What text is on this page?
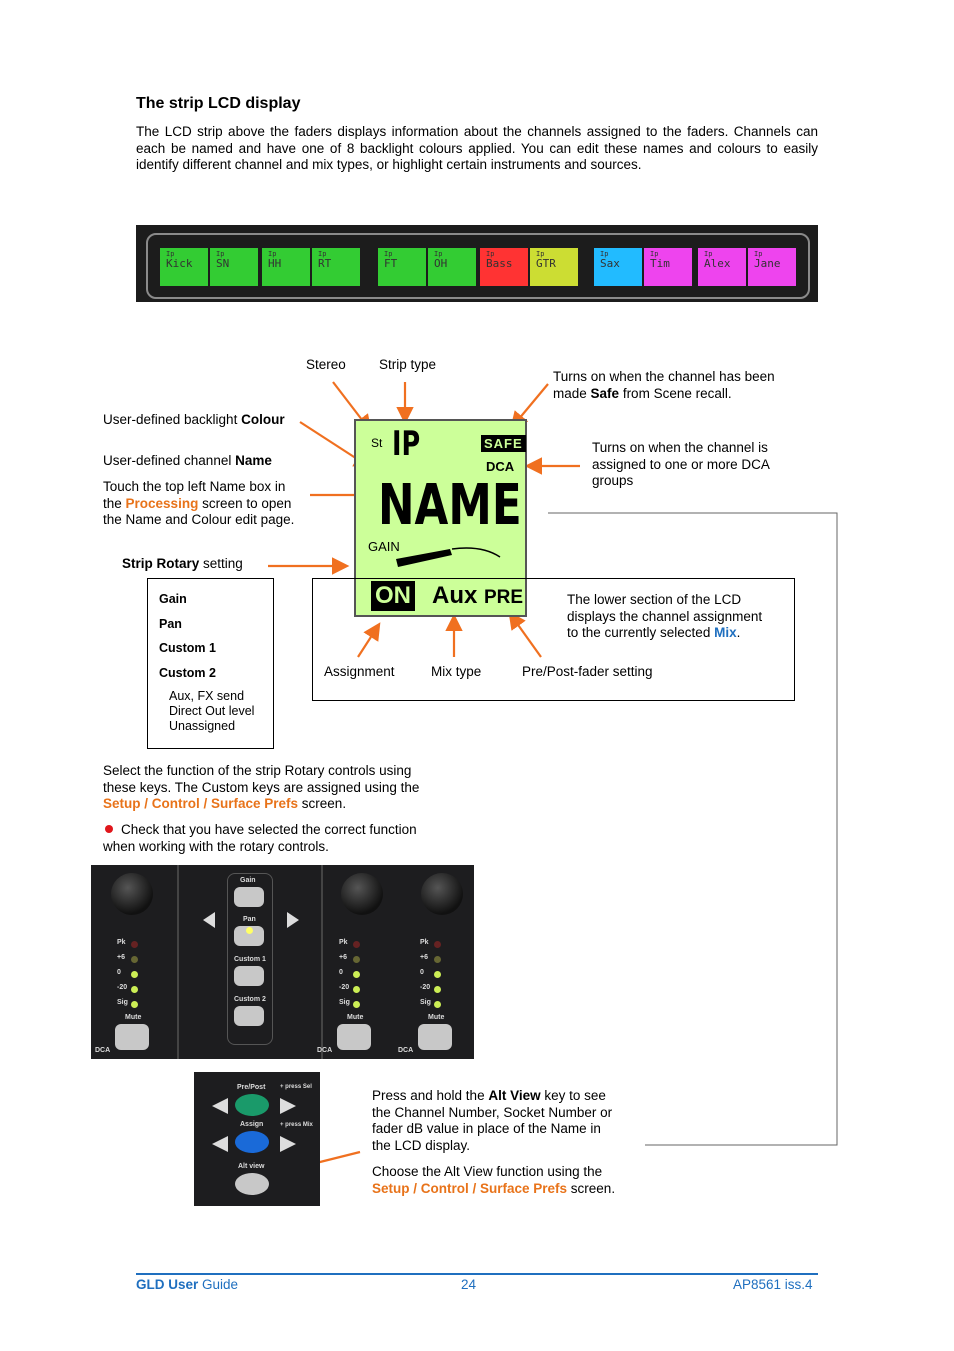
The strip LCD display
The LCD strip above the faders displays information about the channels assigned to the faders. Channels can each be named and have one of 8 backlight colours applied. You can edit these names and colours to easily identify different channel and mix types, or highlight certain instruments and sources.
Ip
Kick
Ip
SN
Ip
HH
Ip
RT
Ip
FT
Ip
OH
Ip
Bass
Ip
GTR
Ip
Sax
Ip
Tim
Ip
Alex
Ip
Jane
St IP	SAFE
DCA
NAME
GAIN
ON Aux PRE
Stereo Strip type
Turns on when the channel has been
made Safe from Scene recall.
User-defined backlight Colour
User-defined channel Name
Touch the top left Name box in
the Processing screen to open
the Name and Colour edit page.
Turns on when the channel is
assigned to one or more DCA
groups
Strip Rotary setting
Gain
Pan
Custom 1
Custom 2
Aux, FX send
Direct Out level
Unassigned
The lower section of the LCD
displays the channel assignment
to the currently selected Mix.
Assignment	Mix type	Pre/Post-fader setting
Select the function of the strip Rotary controls using
these keys. The Custom keys are assigned using the
Setup / Control / Surface Prefs screen.
Check that you have selected the correct function
when working with the rotary controls.
Gain
Pan
Custom 1
Custom 2
Pk
+6
0
-20
Sig
Mute
DCA
Pk
+6
0
-20
Sig
Mute
DCA
Pk
+6
0
-20
Sig
Mute
DCA
Pre/Post + press Sel
Assign	+ press Mix
Alt view
Press and hold the Alt View key to see
the Channel Number, Socket Number or
fader dB value in place of the Name in
the LCD display.
Choose the Alt View function using the
Setup / Control / Surface Prefs screen.
GLD User Guide	24	AP8561 iss.4
